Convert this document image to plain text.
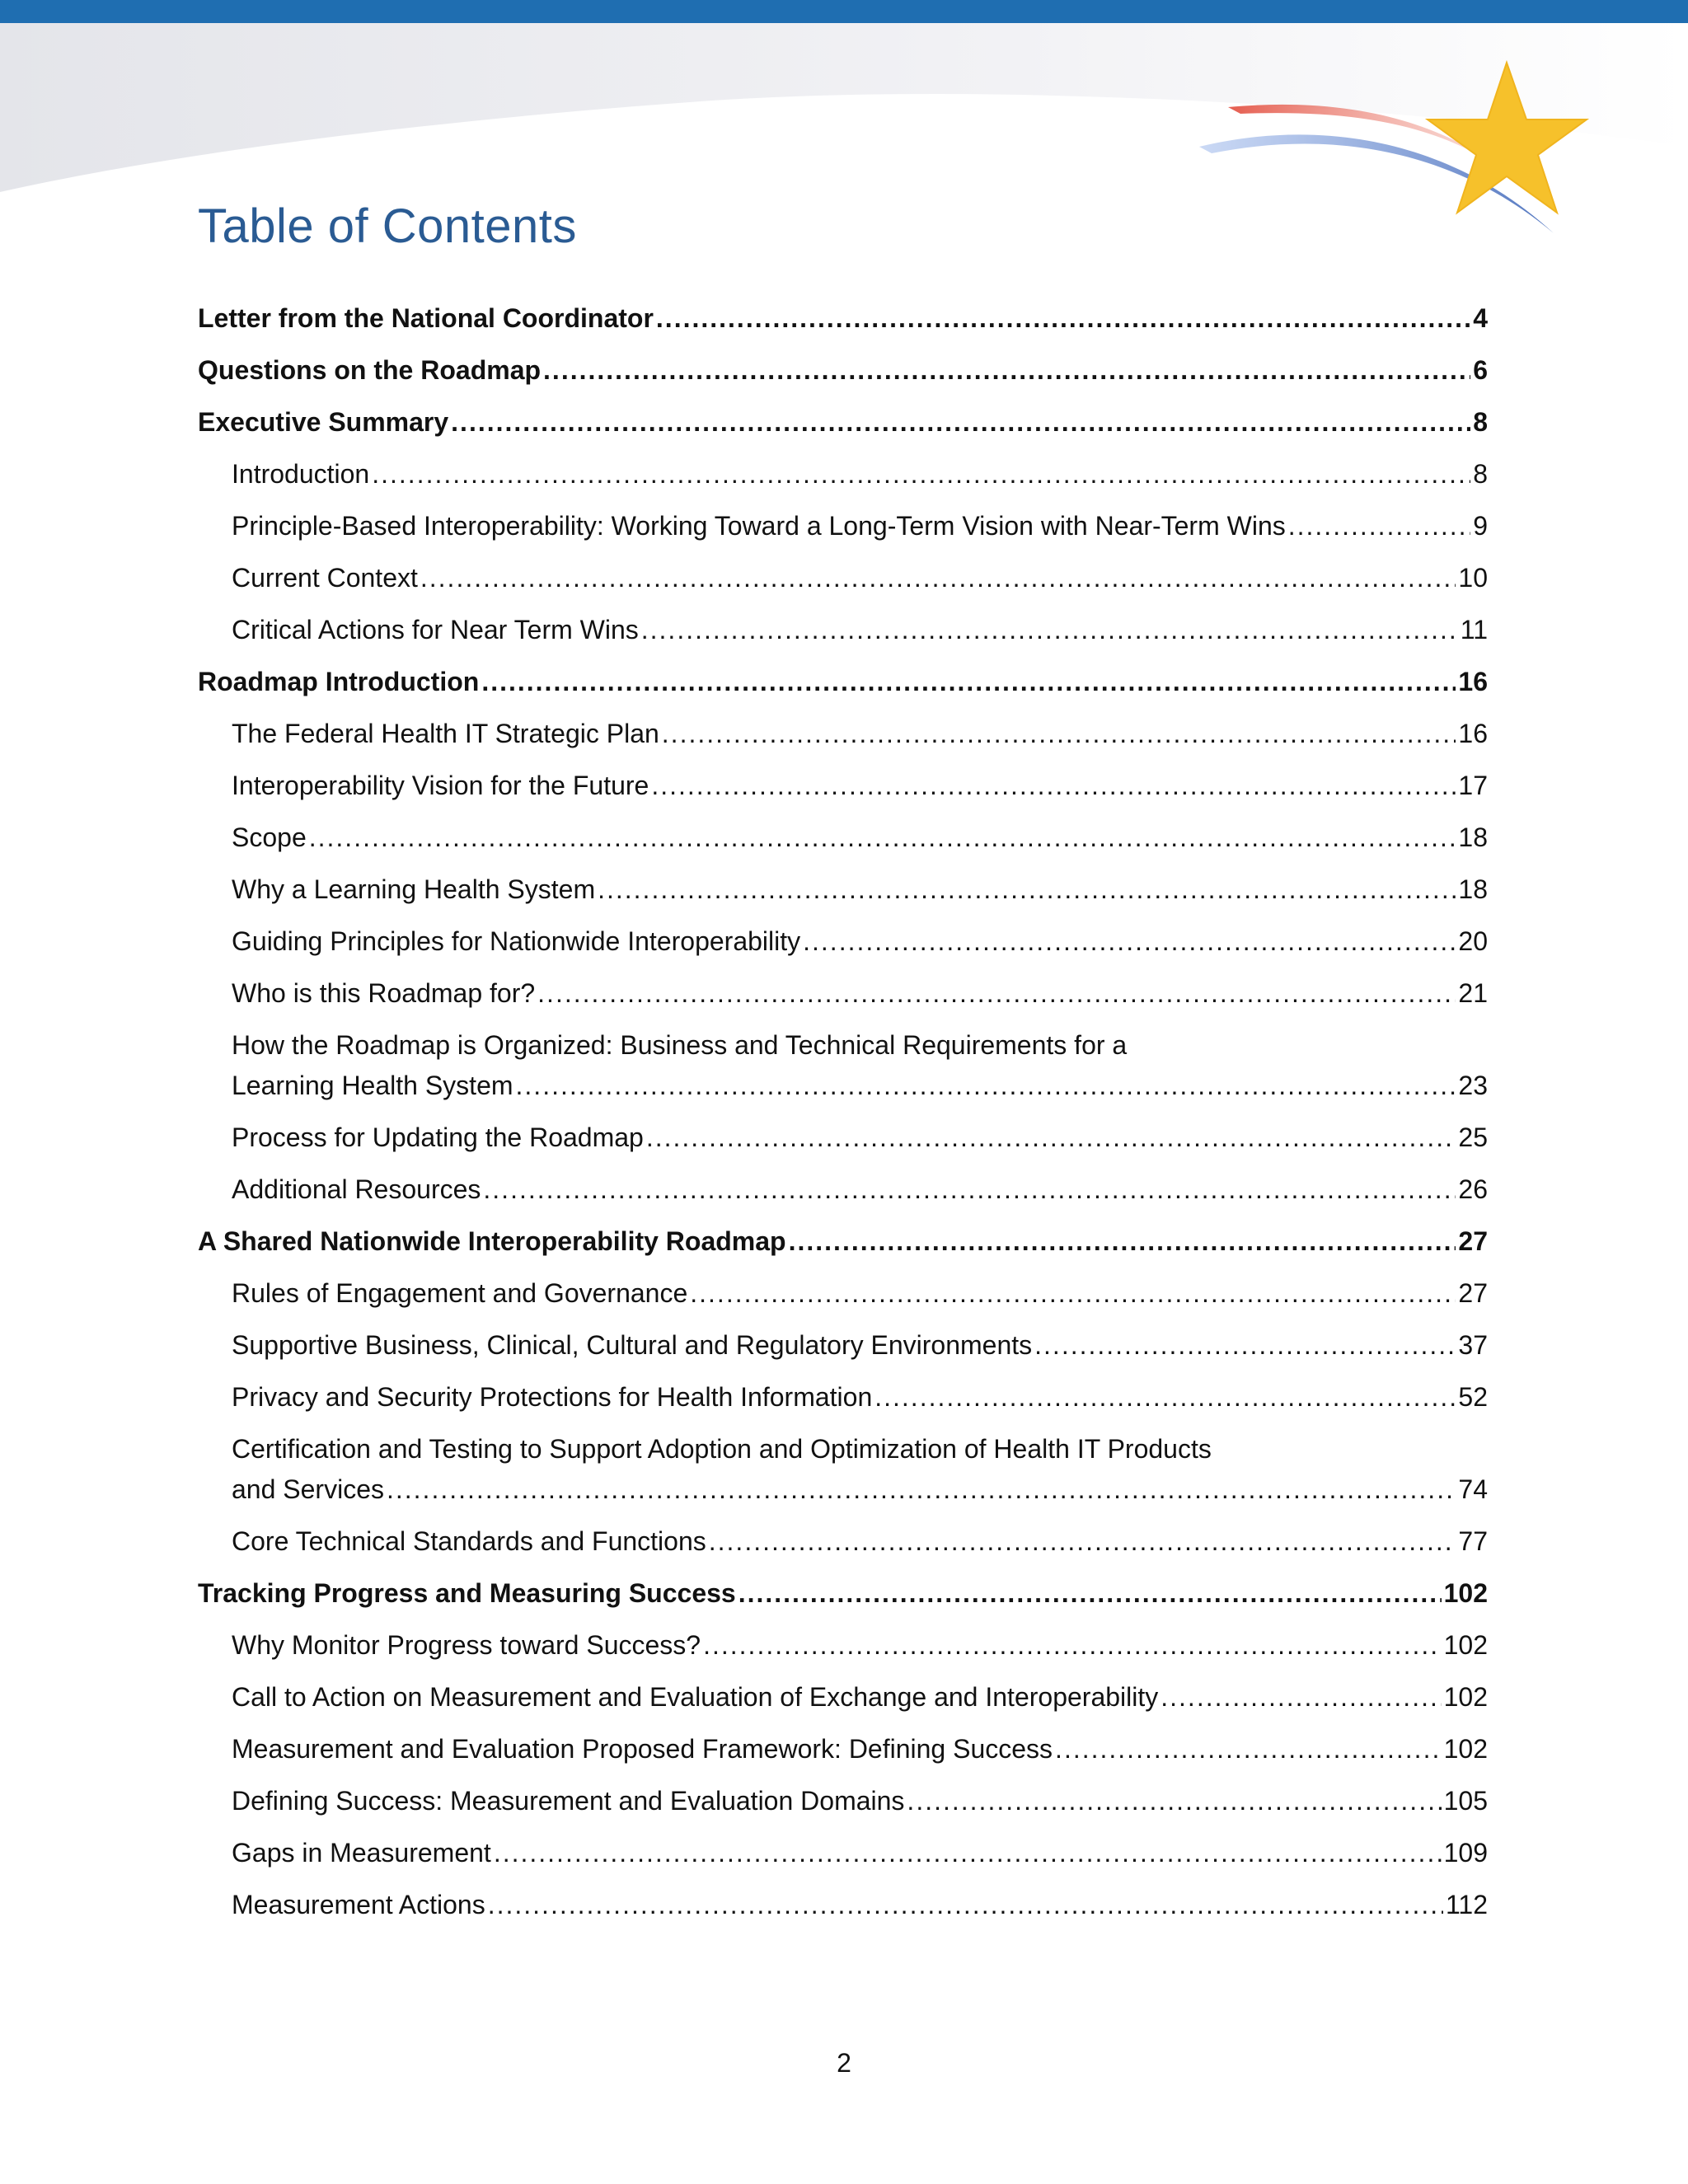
Table of Contents
Letter from the National Coordinator .....	4
Questions on the Roadmap .....	6
Executive Summary .....	8
Introduction .....	8
Principle-Based Interoperability: Working Toward a Long-Term Vision with Near-Term Wins .....	9
Current Context .....	10
Critical Actions for Near Term Wins .....	11
Roadmap Introduction .....	16
The Federal Health IT Strategic Plan .....	16
Interoperability Vision for the Future .....	17
Scope .....	18
Why a Learning Health System .....	18
Guiding Principles for Nationwide Interoperability .....	20
Who is this Roadmap for? .....	21
How the Roadmap is Organized: Business and Technical Requirements for a
Learning Health System .....	23
Process for Updating the Roadmap .....	25
Additional Resources .....	26
A Shared Nationwide Interoperability Roadmap .....	27
Rules of Engagement and Governance .....	27
Supportive Business, Clinical, Cultural and Regulatory Environments .....	37
Privacy and Security Protections for Health Information .....	52
Certification and Testing to Support Adoption and Optimization of Health IT Products
and Services .....	74
Core Technical Standards and Functions .....	77
Tracking Progress and Measuring Success .....	102
Why Monitor Progress toward Success? .....	102
Call to Action on Measurement and Evaluation of Exchange and Interoperability .....	102
Measurement and Evaluation Proposed Framework: Defining Success .....	102
Defining Success: Measurement and Evaluation Domains .....	105
Gaps in Measurement .....	109
Measurement Actions .....	112
2
